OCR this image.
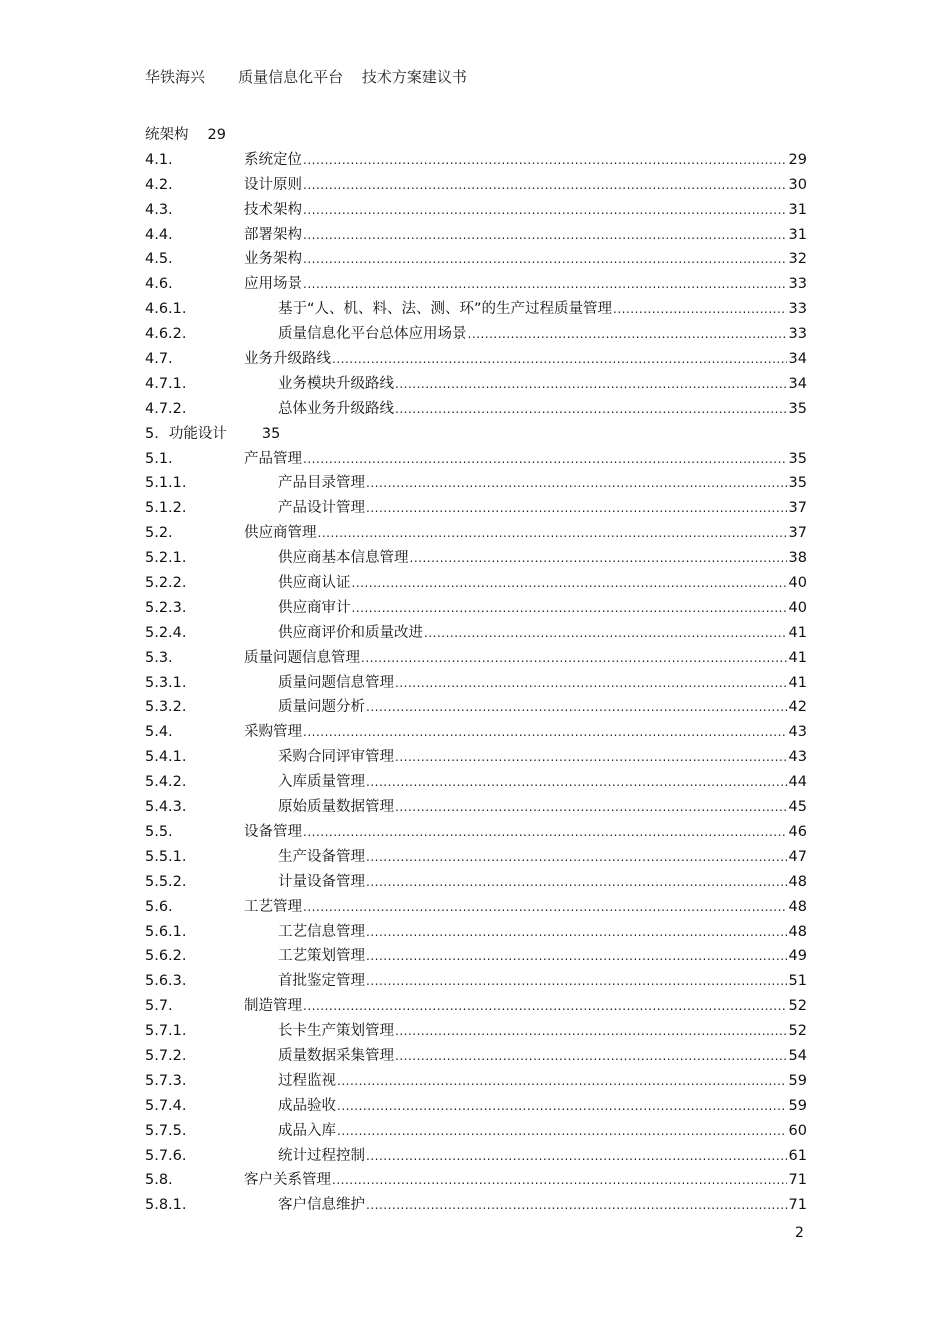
华铁海兴 质量信息化平台 技术方案建议书
统架构 29
4.1.	系统定位 .....	29
4.2.	设计原则 .....	30
4.3.	技术架构 .....	31
4.4.	部署架构 .....	31
4.5.	业务架构 .....	32
4.6.	应用场景 .....	33
4.6.1.	基于“人、机、料、法、测、环”的生产过程质量管理 .....	33
4.6.2.	质量信息化平台总体应用场景 .....	33
4.7.	业务升级路线 .....	34
4.7.1.	业务模块升级路线 .....	34
4.7.2.	总体业务升级路线 .....	35
5. 功能设计 35
5.1.	产品管理 .....	35
5.1.1.	产品目录管理 .....	35
5.1.2.	产品设计管理 .....	37
5.2.	供应商管理 .....	37
5.2.1.	供应商基本信息管理 .....	38
5.2.2.	供应商认证 .....	40
5.2.3.	供应商审计 .....	40
5.2.4.	供应商评价和质量改进 .....	41
5.3.	质量问题信息管理 .....	41
5.3.1.	质量问题信息管理 .....	41
5.3.2.	质量问题分析 .....	42
5.4.	采购管理 .....	43
5.4.1.	采购合同评审管理 .....	43
5.4.2.	入库质量管理 .....	44
5.4.3.	原始质量数据管理 .....	45
5.5.	设备管理 .....	46
5.5.1.	生产设备管理 .....	47
5.5.2.	计量设备管理 .....	48
5.6.	工艺管理 .....	48
5.6.1.	工艺信息管理 .....	48
5.6.2.	工艺策划管理 .....	49
5.6.3.	首批鉴定管理 .....	51
5.7.	制造管理 .....	52
5.7.1.	长卡生产策划管理 .....	52
5.7.2.	质量数据采集管理 .....	54
5.7.3.	过程监视 .....	59
5.7.4.	成品验收 .....	59
5.7.5.	成品入库 .....	60
5.7.6.	统计过程控制 .....	61
5.8.	客户关系管理 .....	71
5.8.1.	客户信息维护 .....	71
2
